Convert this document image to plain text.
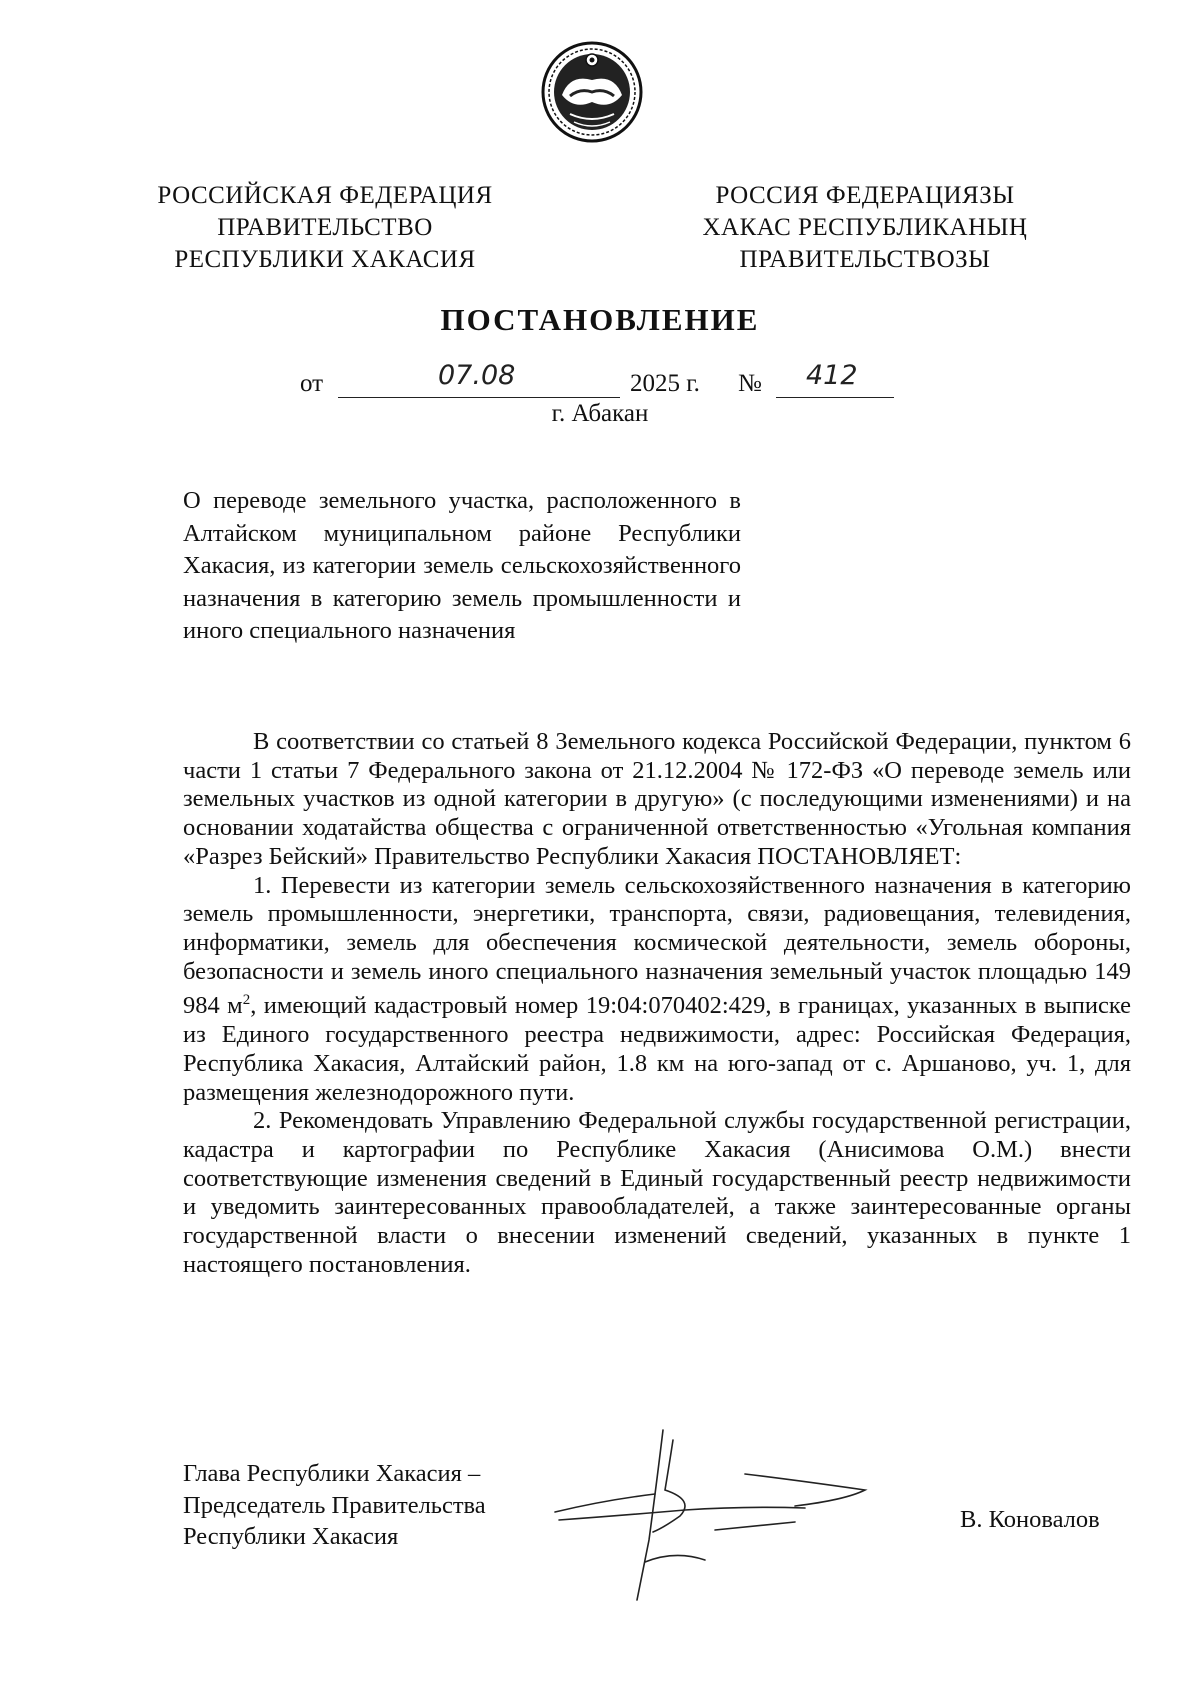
РОССИЙСКАЯ ФЕДЕРАЦИЯ
ПРАВИТЕЛЬСТВО
РЕСПУБЛИКИ ХАКАСИЯ
РОССИЯ ФЕДЕРАЦИЯЗЫ
ХАКАС РЕСПУБЛИКАНЫҢ
ПРАВИТЕЛЬСТВОЗЫ
ПОСТАНОВЛЕНИЕ
от	07.08	2025 г. № 412
г. Абакан
О переводе земельного участка, расположенного в Алтайском муниципальном районе Республики Хакасия, из категории земель сельскохозяйственного назначения в категорию земель промышленности и иного специального назначения

В соответствии со статьей 8 Земельного кодекса Российской Федерации, пунктом 6 части 1 статьи 7 Федерального закона от 21.12.2004 № 172-ФЗ «О переводе земель или земельных участков из одной категории в другую» (с последующими изменениями) и на основании ходатайства общества с ограниченной ответственностью «Угольная компания «Разрез Бейский» Правительство Республики Хакасия ПОСТАНОВЛЯЕТ:

1. Перевести из категории земель сельскохозяйственного назначения в категорию земель промышленности, энергетики, транспорта, связи, радиовещания, телевидения, информатики, земель для обеспечения космической деятельности, земель обороны, безопасности и земель иного специального назначения земельный участок площадью 149 984 $м^2$, имеющий кадастровый номер 19:04:070402:429, в границах, указанных в выписке из Единого государственного реестра недвижимости, адрес: Российская Федерация, Республика Хакасия, Алтайский район, 1.8 км на юго-запад от с. Аршаново, уч. 1, для размещения железнодорожного пути.

2. Рекомендовать Управлению Федеральной службы государственной регистрации, кадастра и картографии по Республике Хакасия (Анисимова О.М.) внести соответствующие изменения сведений в Единый государственный реестр недвижимости и уведомить заинтересованных правообладателей, а также заинтересованные органы государственной власти о внесении изменений сведений, указанных в пункте 1 настоящего постановления.

Глава Республики Хакасия –
Председатель Правительства
Республики Хакасия
В. Коновалов
